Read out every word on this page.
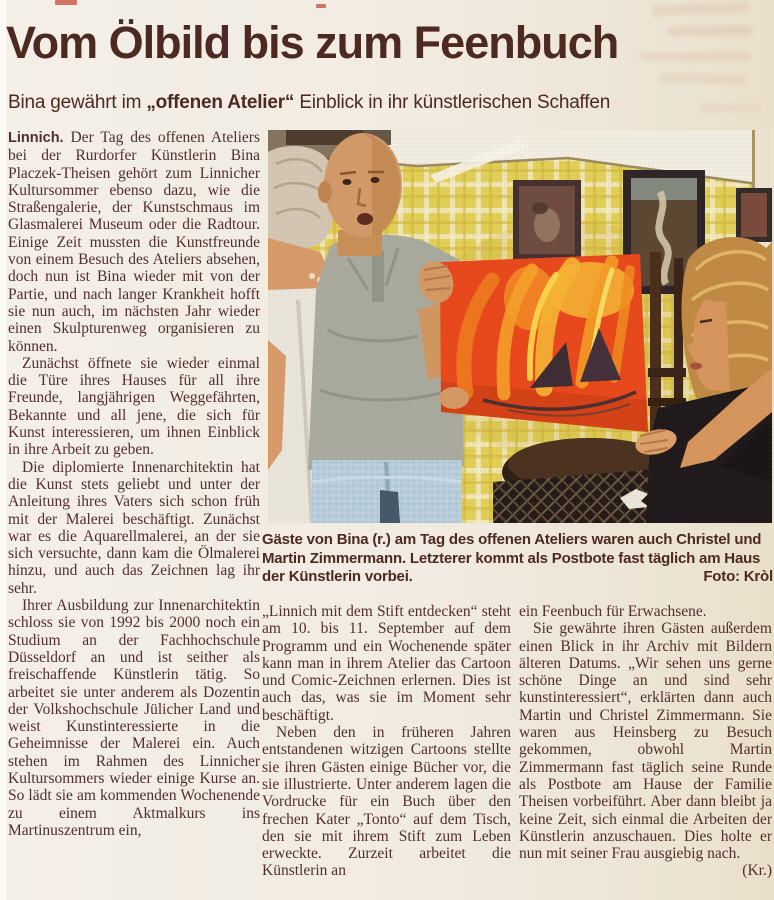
Vom Ölbild bis zum Feenbuch
Bina gewährt im „offenen Atelier“ Einblick in ihr künstlerischen Schaffen

Linnich. Der Tag des offenen Ateliers bei der Rurdorfer Künstlerin Bina Placzek-Theisen gehört zum Linnicher Kultursommer ebenso dazu, wie die Straßengalerie, der Kunstschmaus im Glasmalerei Museum oder die Radtour. Einige Zeit mussten die Kunstfreunde von einem Besuch des Ateliers absehen, doch nun ist Bina wieder mit von der Partie, und nach langer Krankheit hofft sie nun auch, im nächsten Jahr wieder einen Skulpturenweg organisieren zu können.

Zunächst öffnete sie wieder einmal die Türe ihres Hauses für all ihre Freunde, langjährigen Weggefährten, Bekannte und all jene, die sich für Kunst interessieren, um ihnen Einblick in ihre Arbeit zu geben.

Die diplomierte Innenarchitektin hat die Kunst stets geliebt und unter der Anleitung ihres Vaters sich schon früh mit der Malerei beschäftigt. Zunächst war es die Aquarellmalerei, an der sie sich versuchte, dann kam die Ölmalerei hinzu, und auch das Zeichnen lag ihr sehr.

Ihrer Ausbildung zur Innenarchitektin schloss sie von 1992 bis 2000 noch ein Studium an der Fachhochschule Düsseldorf an und ist seither als freischaffende Künstlerin tätig. So arbeitet sie unter anderem als Dozentin der Volkshochschule Jülicher Land und weist Kunstinteressierte in die Geheimnisse der Malerei ein. Auch stehen im Rahmen des Linnicher Kultursommers wieder einige Kurse an. So lädt sie am kommenden Wochenende zu einem Aktmalkurs ins Martinuszentrum ein,

Gäste von Bina (r.) am Tag des offenen Ateliers waren auch Christel und Martin Zimmermann. Letzterer kommt als Postbote fast täglich am Haus der Künstlerin vorbei.	Foto: Kròl

„Linnich mit dem Stift entdecken“ steht am 10. bis 11. September auf dem Programm und ein Wochenende später kann man in ihrem Atelier das Cartoon und Comic-Zeichnen erlernen. Dies ist auch das, was sie im Moment sehr beschäftigt.

Neben den in früheren Jahren entstandenen witzigen Cartoons stellte sie ihren Gästen einige Bücher vor, die sie illustrierte. Unter anderem lagen die Vordrucke für ein Buch über den frechen Kater „Tonto“ auf dem Tisch, den sie mit ihrem Stift zum Leben erweckte. Zurzeit arbeitet die Künstlerin an

ein Feenbuch für Erwachsene.

Sie gewährte ihren Gästen außerdem einen Blick in ihr Archiv mit Bildern älteren Datums. „Wir sehen uns gerne schöne Dinge an und sind sehr kunstinteressiert“, erklärten dann auch Martin und Christel Zimmermann. Sie waren aus Heinsberg zu Besuch gekommen, obwohl Martin Zimmermann fast täglich seine Runde als Postbote am Hause der Familie Theisen vorbeiführt. Aber dann bleibt ja keine Zeit, sich einmal die Arbeiten der Künstlerin anzuschauen. Dies holte er nun mit seiner Frau ausgiebig nach.
(Kr.)
